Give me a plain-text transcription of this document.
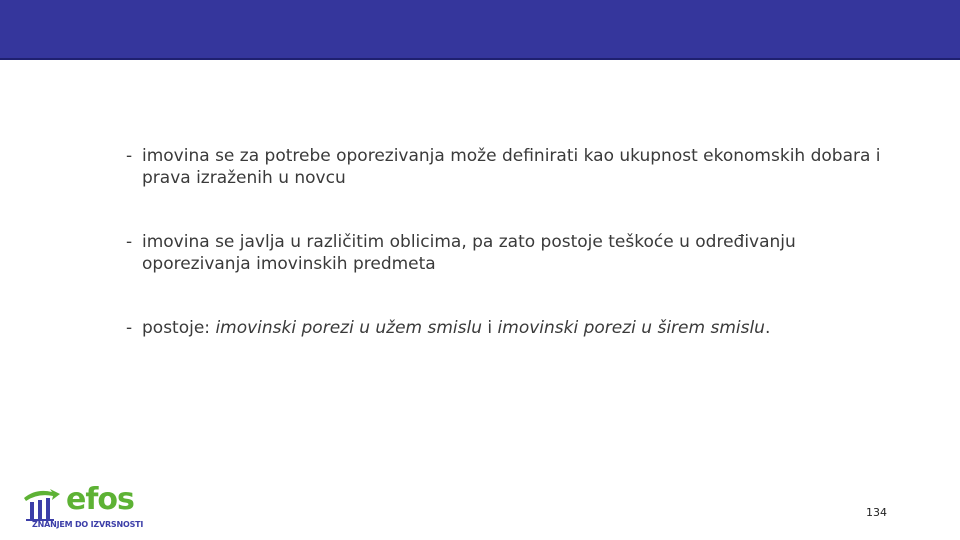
- imovina se za potrebe oporezivanja može definirati kao ukupnost ekonomskih dobara i prava izraženih u novcu
- imovina se javlja u različitim oblicima, pa zato postoje teškoće u određivanju oporezivanja imovinskih predmeta
- postoje: imovinski porezi u užem smislu i imovinski porezi u širem smislu.
efos
ZNANJEM DO IZVRSNOSTI
134
